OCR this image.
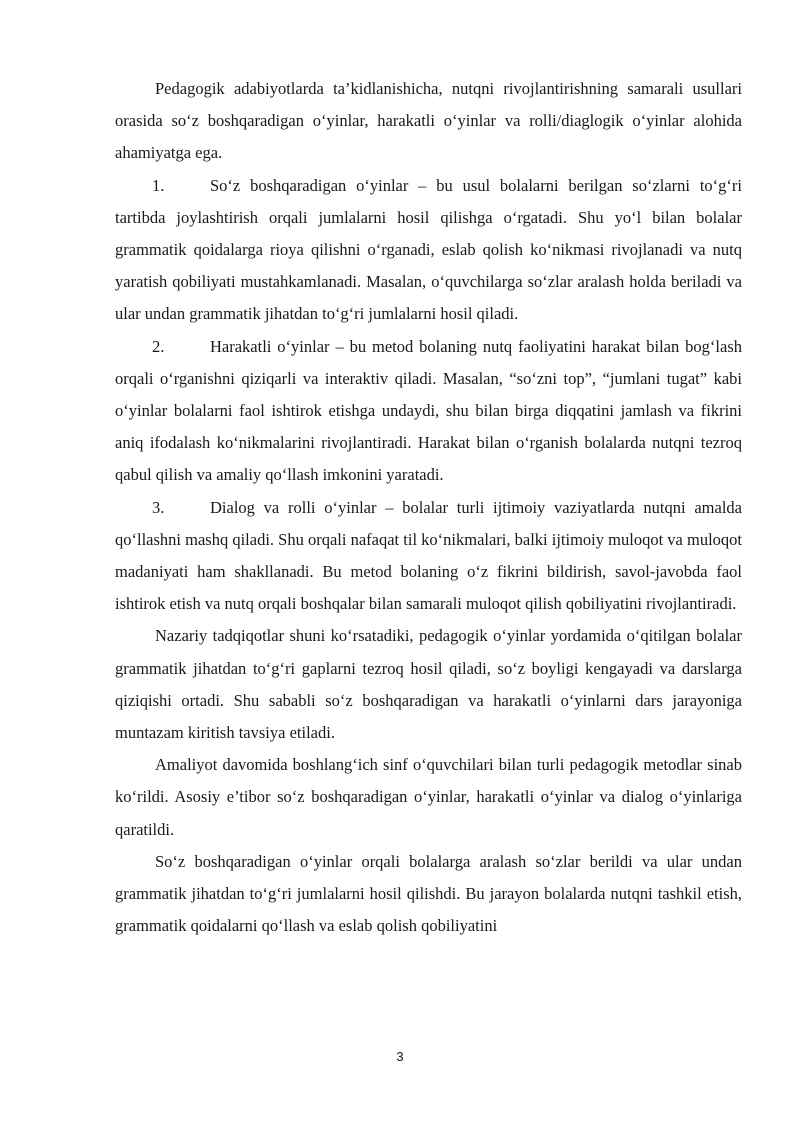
Pedagogik adabiyotlarda ta’kidlanishicha, nutqni rivojlantirishning samarali usullari orasida so‘z boshqaradigan o‘yinlar, harakatli o‘yinlar va rolli/diaglogik o‘yinlar alohida ahamiyatga ega.

1.	So‘z boshqaradigan o‘yinlar – bu usul bolalarni berilgan so‘zlarni to‘g‘ri tartibda joylashtirish orqali jumlalarni hosil qilishga o‘rgatadi. Shu yo‘l bilan bolalar grammatik qoidalarga rioya qilishni o‘rganadi, eslab qolish ko‘nikmasi rivojlanadi va nutq yaratish qobiliyati mustahkamlanadi. Masalan, o‘quvchilarga so‘zlar aralash holda beriladi va ular undan grammatik jihatdan to‘g‘ri jumlalarni hosil qiladi.

2.	Harakatli o‘yinlar – bu metod bolaning nutq faoliyatini harakat bilan bog‘lash orqali o‘rganishni qiziqarli va interaktiv qiladi. Masalan, “so‘zni top”, “jumlani tugat” kabi o‘yinlar bolalarni faol ishtirok etishga undaydi, shu bilan birga diqqatini jamlash va fikrini aniq ifodalash ko‘nikmalarini rivojlantiradi. Harakat bilan o‘rganish bolalarda nutqni tezroq qabul qilish va amaliy qo‘llash imkonini yaratadi.

3.	Dialog va rolli o‘yinlar – bolalar turli ijtimoiy vaziyatlarda nutqni amalda qo‘llashni mashq qiladi. Shu orqali nafaqat til ko‘nikmalari, balki ijtimoiy muloqot va muloqot madaniyati ham shakllanadi. Bu metod bolaning o‘z fikrini bildirish, savol-javobda faol ishtirok etish va nutq orqali boshqalar bilan samarali muloqot qilish qobiliyatini rivojlantiradi.

Nazariy tadqiqotlar shuni ko‘rsatadiki, pedagogik o‘yinlar yordamida o‘qitilgan bolalar grammatik jihatdan to‘g‘ri gaplarni tezroq hosil qiladi, so‘z boyligi kengayadi va darslarga qiziqishi ortadi. Shu sababli so‘z boshqaradigan va harakatli o‘yinlarni dars jarayoniga muntazam kiritish tavsiya etiladi.

Amaliyot davomida boshlang‘ich sinf o‘quvchilari bilan turli pedagogik metodlar sinab ko‘rildi. Asosiy e’tibor so‘z boshqaradigan o‘yinlar, harakatli o‘yinlar va dialog o‘yinlariga qaratildi.

So‘z boshqaradigan o‘yinlar orqali bolalarga aralash so‘zlar berildi va ular undan grammatik jihatdan to‘g‘ri jumlalarni hosil qilishdi. Bu jarayon bolalarda nutqni tashkil etish, grammatik qoidalarni qo‘llash va eslab qolish qobiliyatini

3
